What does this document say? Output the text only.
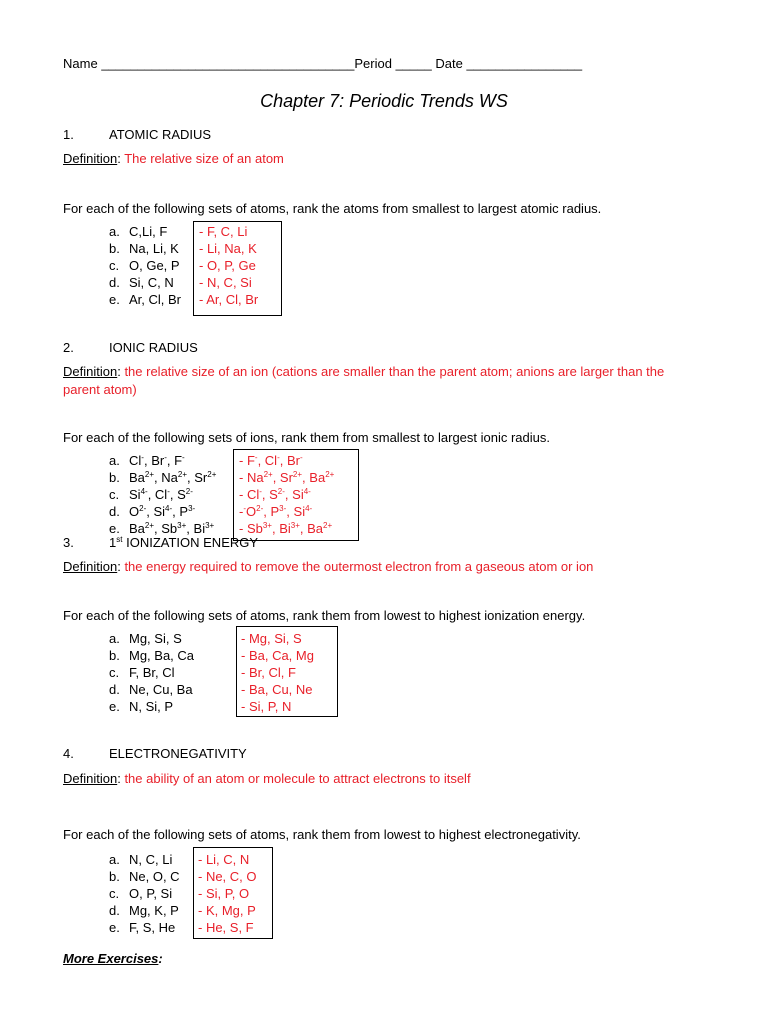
Name ___________________________________Period _____ Date ________________
Chapter 7: Periodic Trends WS
1.	ATOMIC RADIUS
Definition: The relative size of an atom
For each of the following sets of atoms, rank the atoms from smallest to largest atomic radius.
a. C,Li, F - F, C, Li
b. Na, Li, K - Li, Na, K
c. O, Ge, P - O, P, Ge
d. Si, C, N - N, C, Si
e. Ar, Cl, Br - Ar, Cl, Br
2.	IONIC RADIUS
Definition: the relative size of an ion (cations are smaller than the parent atom; anions are larger than the
parent atom)
For each of the following sets of ions, rank them from smallest to largest ionic radius.
a. Cl-, Br-, F-	- F-, Cl-, Br-
b. $Ba^{2+}$, $Na^{2+}$, $Sr^{2+} - Na^{2+}$, $Sr^{2+}$, $Ba^{2+}$
c. $Si^{4-}$, Cl-, $S^{2-}$	- Cl-, $S^{2-}$, $Si^{4-}$
d. $O^{2-}$, $Si^{4-}$, $P^{3-}$	$-^-O^{2-}$, $P^{3-}$, $Si^{4-}$
e. $Ba^{2+}$, $Sb^{3+}$, $Bi^{3+} - Sb^{3+}$, $Bi^{3+}$, $Ba^{2+}$
3.	1st IONIZATION ENERGY
Definition: the energy required to remove the outermost electron from a gaseous atom or ion
For each of the following sets of atoms, rank them from lowest to highest ionization energy.
a. Mg, Si, S	- Mg, Si, S
b. Mg, Ba, Ca	- Ba, Ca, Mg
c. F, Br, Cl	- Br, Cl, F
d. Ne, Cu, Ba	- Ba, Cu, Ne
e. N, Si, P	- Si, P, N
4.	ELECTRONEGATIVITY
Definition: the ability of an atom or molecule to attract electrons to itself
For each of the following sets of atoms, rank them from lowest to highest electronegativity.
a. N, C, Li - Li, C, N
b. Ne, O, C - Ne, C, O
c. O, P, Si - Si, P, O
d. Mg, K, P - K, Mg, P
e. F, S, He - He, S, F
More Exercises:
